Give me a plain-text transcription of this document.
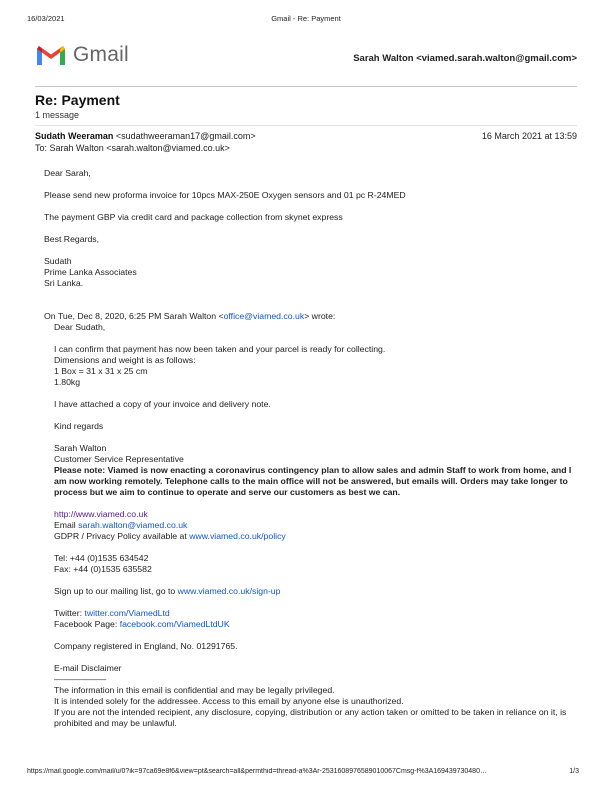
16/03/2021	Gmail - Re: Payment
Gmail	Sarah Walton <viamed.sarah.walton@gmail.com>
Re: Payment
1 message
Sudath Weeraman <sudathweeraman17@gmail.com>	16 March 2021 at 13:59
To: Sarah Walton <sarah.walton@viamed.co.uk>

Dear Sarah,

Please send new proforma invoice for 10pcs MAX-250E Oxygen sensors and 01 pc R-24MED

The payment GBP via credit card and package collection from skynet express

Best Regards,

Sudath
Prime Lanka Associates
Sri Lanka.
On Tue, Dec 8, 2020, 6:25 PM Sarah Walton <office@viamed.co.uk> wrote:

Dear Sudath,

I can confirm that payment has now been taken and your parcel is ready for collecting.
Dimensions and weight is as follows:
1 Box = 31 x 31 x 25 cm
1.80kg

I have attached a copy of your invoice and delivery note.

Kind regards

Sarah Walton
Customer Service Representative
Please note: Viamed is now enacting a coronavirus contingency plan to allow sales and admin Staff to work from home, and I am now working remotely. Telephone calls to the main office will not be answered, but emails will. Orders may take longer to process but we aim to continue to operate and serve our customers as best we can.
http://www.viamed.co.uk
Email sarah.walton@viamed.co.uk
GDPR / Privacy Policy available at www.viamed.co.uk/policy
Tel: +44 (0)1535 634542
Fax: +44 (0)1535 635582

Sign up to our mailing list, go to www.viamed.co.uk/sign-up

Twitter: twitter.com/ViamedLtd
Facebook Page: facebook.com/ViamedLtdUK

Company registered in England, No. 01291765.

E-mail Disclaimer
——————
The information in this email is confidential and may be legally privileged.
It is intended solely for the addressee. Access to this email by anyone else is unauthorized.
If you are not the intended recipient, any disclosure, copying, distribution or any action taken or omitted to be taken in reliance on it, is prohibited and may be unlawful.
https://mail.google.com/mail/u/0?ik=97ca69e8f6&view=pt&search=all&permthid=thread-a%3Ar-2531608976589010067Cmsg-f%3A169439730480…	1/3
